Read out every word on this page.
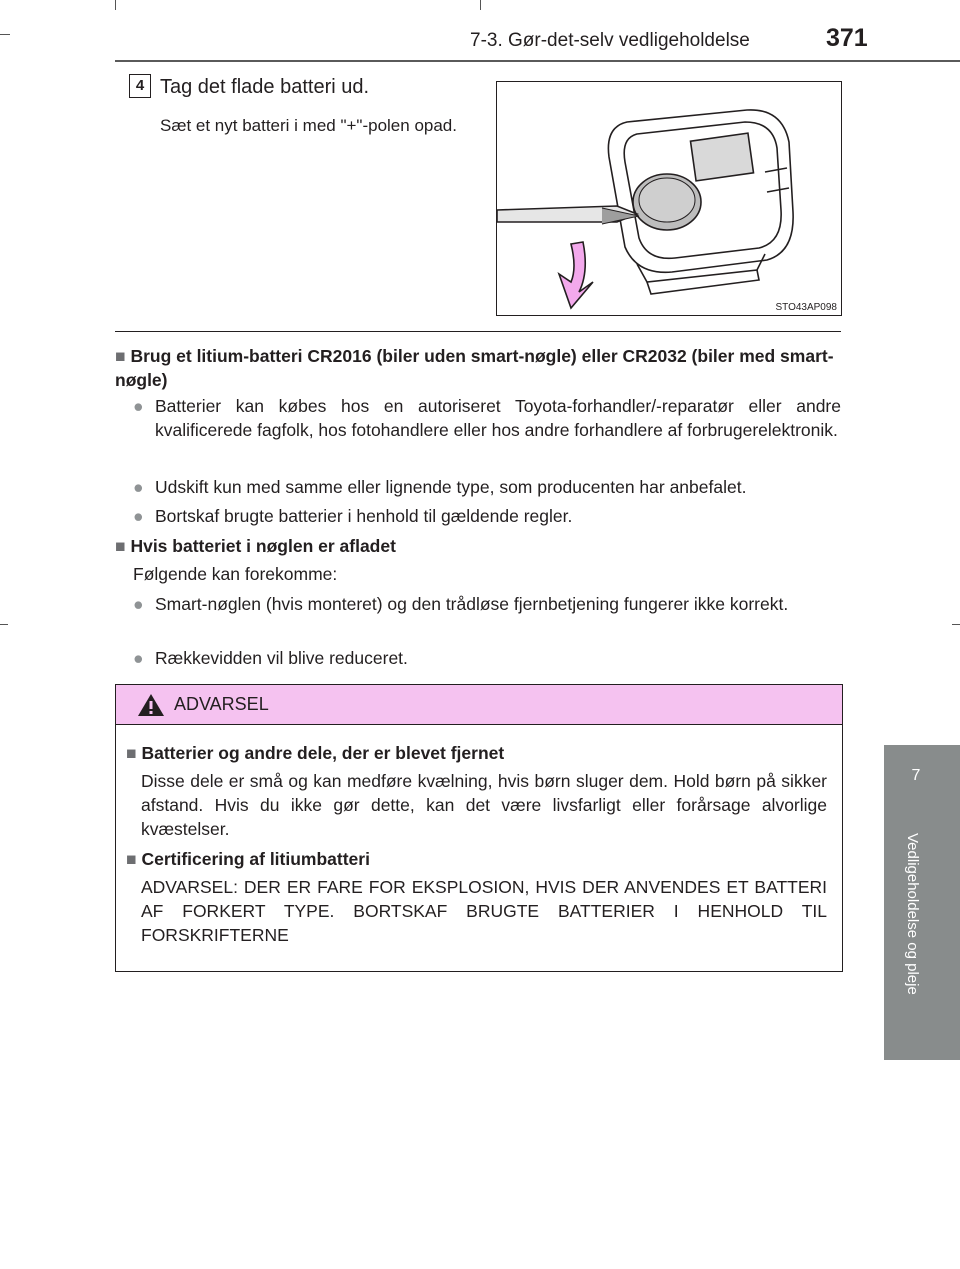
7-3. Gør-det-selv vedligeholdelse	371
7
Vedligeholdelse og pleje
4 Tag det flade batteri ud.
Sæt et nyt batteri i med "+"-polen opad.
STO43AP098
■ Brug et litium-batteri CR2016 (biler uden smart-nøgle) eller CR2032 (biler med smart-nøgle)
● Batterier kan købes hos en autoriseret Toyota-forhandler/-reparatør eller andre kvalificerede fagfolk, hos fotohandlere eller hos andre forhandlere af forbrugerelektronik.
● Udskift kun med samme eller lignende type, som producenten har anbefalet.
● Bortskaf brugte batterier i henhold til gældende regler.
■ Hvis batteriet i nøglen er afladet
Følgende kan forekomme:
● Smart-nøglen (hvis monteret) og den trådløse fjernbetjening fungerer ikke korrekt.
● Rækkevidden vil blive reduceret.
ADVARSEL
■ Batterier og andre dele, der er blevet fjernet
Disse dele er små og kan medføre kvælning, hvis børn sluger dem. Hold børn på sikker afstand. Hvis du ikke gør dette, kan det være livsfarligt eller forårsage alvorlige kvæstelser.
■ Certificering af litiumbatteri
ADVARSEL: DER ER FARE FOR EKSPLOSION, HVIS DER ANVENDES ET BATTERI AF FORKERT TYPE. BORTSKAF BRUGTE BATTERIER I HENHOLD TIL FORSKRIFTERNE
